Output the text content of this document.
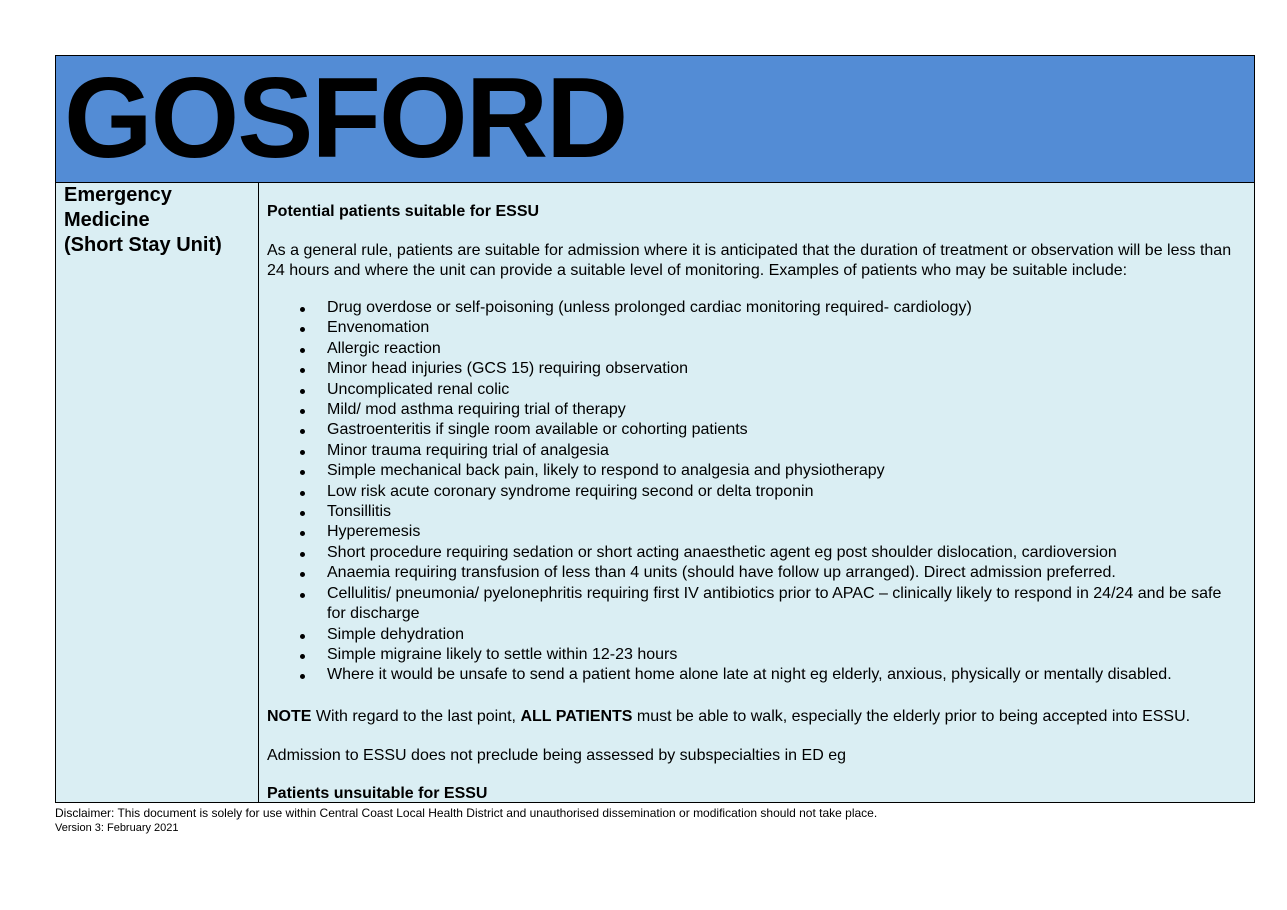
GOSFORD

Emergency
Medicine
(Short Stay Unit)

Potential patients suitable for ESSU

As a general rule, patients are suitable for admission where it is anticipated that the duration of treatment or observation will be less than 24 hours and where the unit can provide a suitable level of monitoring. Examples of patients who may be suitable include:

Drug overdose or self-poisoning (unless prolonged cardiac monitoring required- cardiology)
Envenomation
Allergic reaction
Minor head injuries (GCS 15) requiring observation
Uncomplicated renal colic
Mild/ mod asthma requiring trial of therapy
Gastroenteritis if single room available or cohorting patients
Minor trauma requiring trial of analgesia
Simple mechanical back pain, likely to respond to analgesia and physiotherapy
Low risk acute coronary syndrome requiring second or delta troponin
Tonsillitis
Hyperemesis
Short procedure requiring sedation or short acting anaesthetic agent eg post shoulder dislocation, cardioversion
Anaemia requiring transfusion of less than 4 units (should have follow up arranged). Direct admission preferred.
Cellulitis/ pneumonia/ pyelonephritis requiring first IV antibiotics prior to APAC – clinically likely to respond in 24/24 and be safe for discharge
Simple dehydration
Simple migraine likely to settle within 12-23 hours
Where it would be unsafe to send a patient home alone late at night eg elderly, anxious, physically or mentally disabled.

NOTE With regard to the last point, ALL PATIENTS must be able to walk, especially the elderly prior to being accepted into ESSU.

Admission to ESSU does not preclude being assessed by subspecialties in ED eg

Patients unsuitable for ESSU

Disclaimer: This document is solely for use within Central Coast Local Health District and unauthorised dissemination or modification should not take place.
Version 3: February 2021
